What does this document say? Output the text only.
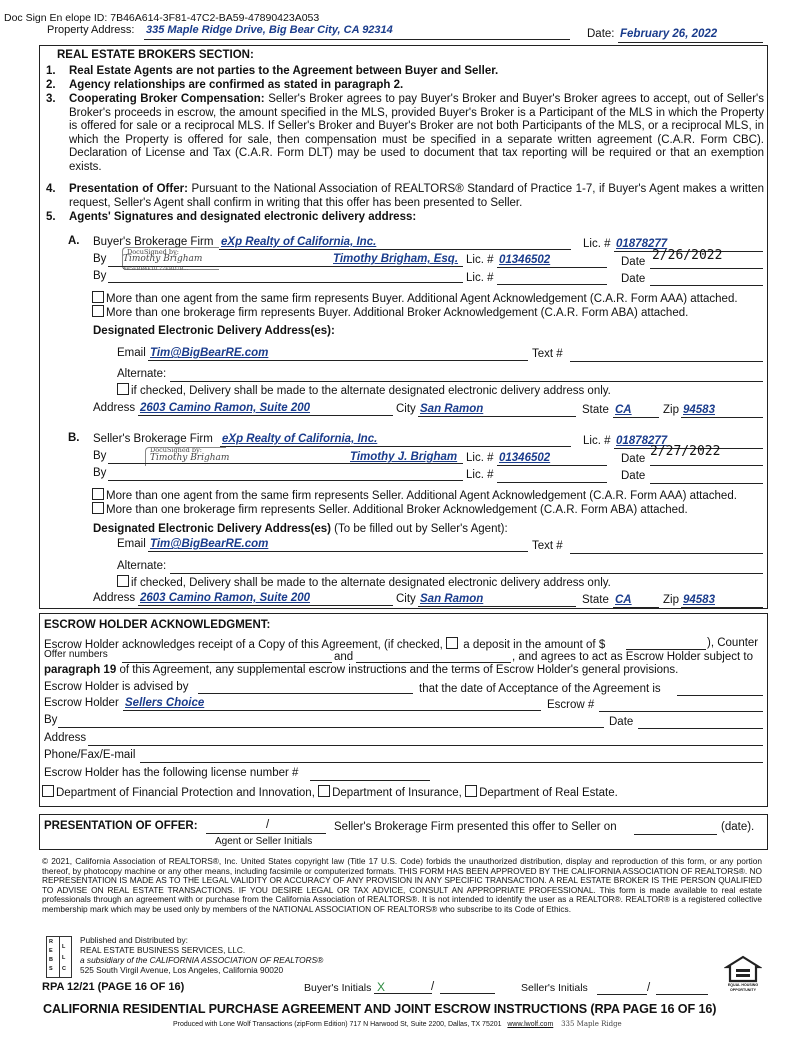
Doc Sign En elope ID: 7B46A614-3F81-47C2-BA59-47890423A053
Property Address: 335 Maple Ridge Drive, Big Bear City, CA 92314	Date: February 26, 2022
REAL ESTATE BROKERS SECTION:
1. Real Estate Agents are not parties to the Agreement between Buyer and Seller.
2. Agency relationships are confirmed as stated in paragraph 2.
3. Cooperating Broker Compensation: Seller's Broker agrees to pay Buyer's Broker and Buyer's Broker agrees to accept, out of Seller's Broker's proceeds in escrow, the amount specified in the MLS, provided Buyer's Broker is a Participant of the MLS in which the Property is offered for sale or a reciprocal MLS. If Seller's Broker and Buyer's Broker are not both Participants of the MLS, or a reciprocal MLS, in which the Property is offered for sale, then compensation must be specified in a separate written agreement (C.A.R. Form CBC). Declaration of License and Tax (C.A.R. Form DLT) may be used to document that tax reporting will be required or that an exemption exists.
4. Presentation of Offer: Pursuant to the National Association of REALTORS® Standard of Practice 1-7, if Buyer's Agent makes a written request, Seller's Agent shall confirm in writing that this offer has been presented to Seller.
5. Agents' Signatures and designated electronic delivery address:
A. Buyer's Brokerage Firm eXp Realty of California, Inc.	Lic. # 01878277
By
DocuSigned by:
Timothy Brigham	Timothy Brigham, Esq. Lic. # 01346502	Date 2/26/2022
4B5EBB4E10 77EBD7B...
By	Lic. #	Date
More than one agent from the same firm represents Buyer. Additional Agent Acknowledgement (C.A.R. Form AAA) attached.
More than one brokerage firm represents Buyer. Additional Broker Acknowledgement (C.A.R. Form ABA) attached.
Designated Electronic Delivery Address(es):
Email Tim@BigBearRE.com	Text #
Alternate:
if checked, Delivery shall be made to the alternate designated electronic delivery address only.
Address 2603 Camino Ramon, Suite 200	City San Ramon	State CA	Zip 94583
B. Seller's Brokerage Firm eXp Realty of California, Inc.	Lic. # 01878277
By	DocuSigned by:
Timothy Brigham	Timothy J. Brigham Lic. # 01346502	Date 2/27/2022
By	Lic. #	Date
More than one agent from the same firm represents Seller. Additional Agent Acknowledgement (C.A.R. Form AAA) attached.
More than one brokerage firm represents Seller. Additional Broker Acknowledgement (C.A.R. Form ABA) attached.
Designated Electronic Delivery Address(es) (To be filled out by Seller's Agent):
Email Tim@BigBearRE.com	Text #
Alternate:
if checked, Delivery shall be made to the alternate designated electronic delivery address only.
Address 2603 Camino Ramon, Suite 200	City San Ramon	State CA	Zip 94583
ESCROW HOLDER ACKNOWLEDGMENT:
Escrow Holder acknowledges receipt of a Copy of this Agreement, (if checked, a deposit in the amount of $	), Counter
Offer numbers	and	, and agrees to act as Escrow Holder subject to
paragraph 19 of this Agreement, any supplemental escrow instructions and the terms of Escrow Holder's general provisions.
Escrow Holder is advised by	that the date of Acceptance of the Agreement is
Escrow Holder Sellers Choice	Escrow #
By	Date
Address
Phone/Fax/E-mail
Escrow Holder has the following license number #
Department of Financial Protection and Innovation, Department of Insurance, Department of Real Estate.
PRESENTATION OF OFFER:	/	Seller's Brokerage Firm presented this offer to Seller on	(date).
Agent or Seller Initials
© 2021, California Association of REALTORS®, Inc. United States copyright law (Title 17 U.S. Code) forbids the unauthorized distribution, display and reproduction of this form, or any portion thereof, by photocopy machine or any other means, including facsimile or computerized formats. THIS FORM HAS BEEN APPROVED BY THE CALIFORNIA ASSOCIATION OF REALTORS®. NO REPRESENTATION IS MADE AS TO THE LEGAL VALIDITY OR ACCURACY OF ANY PROVISION IN ANY SPECIFIC TRANSACTION. A REAL ESTATE BROKER IS THE PERSON QUALIFIED TO ADVISE ON REAL ESTATE TRANSACTIONS. IF YOU DESIRE LEGAL OR TAX ADVICE, CONSULT AN APPROPRIATE PROFESSIONAL. This form is made available to real estate professionals through an agreement with or purchase from the California Association of REALTORS®. It is not intended to identify the user as a REALTOR®. REALTOR® is a registered collective membership mark which may be used only by members of the NATIONAL ASSOCIATION OF REALTORS® who subscribe to its Code of Ethics.
R
E
B
S
L
L
C
Published and Distributed by:
REAL ESTATE BUSINESS SERVICES, LLC.
a subsidiary of the CALIFORNIA ASSOCIATION OF REALTORS®
525 South Virgil Avenue, Los Angeles, California 90020
RPA 12/21 (PAGE 16 OF 16)	Buyer's Initials X	/	Seller's Initials	/	EQUAL HOUSING OPPORTUNITY
CALIFORNIA RESIDENTIAL PURCHASE AGREEMENT AND JOINT ESCROW INSTRUCTIONS (RPA PAGE 16 OF 16)
Produced with Lone Wolf Transactions (zipForm Edition) 717 N Harwood St, Suite 2200, Dallas, TX 75201 www.lwolf.com 335 Maple Ridge
